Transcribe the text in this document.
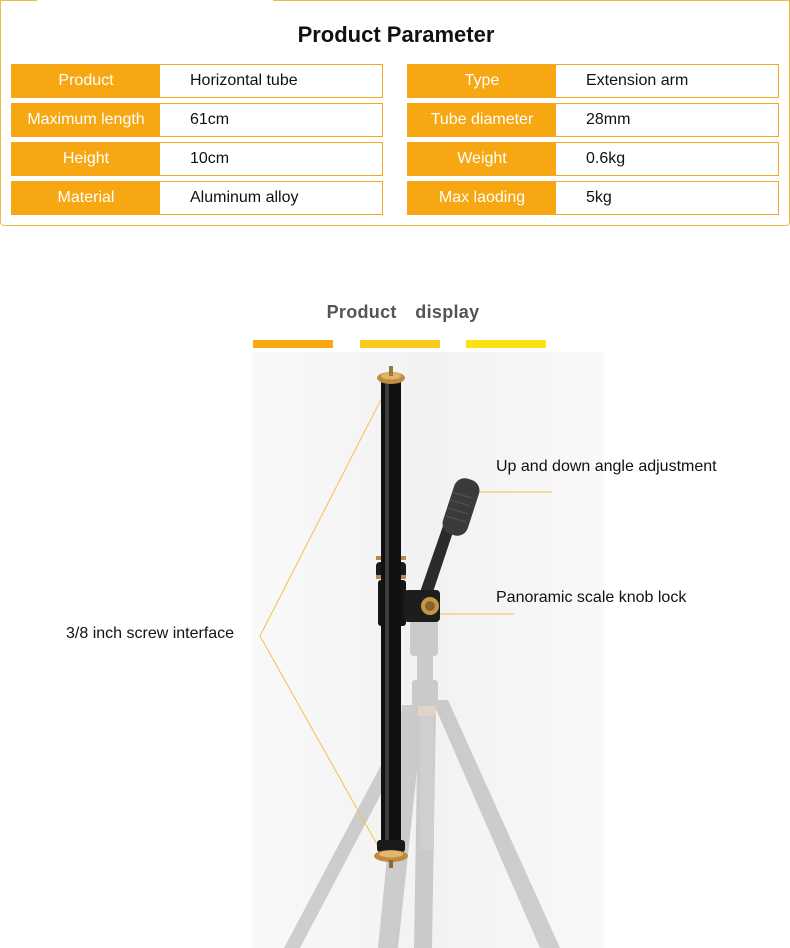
Product Parameter
Product	Horizontal tube
Maximum length	61cm
Height	10cm
Material	Aluminum alloy
Type	Extension arm
Tube diameter	28mm
Weight	0.6kg
Max laoding	5kg
Product  display
Up and down angle adjustment
Panoramic scale knob lock
3/8 inch screw interface
